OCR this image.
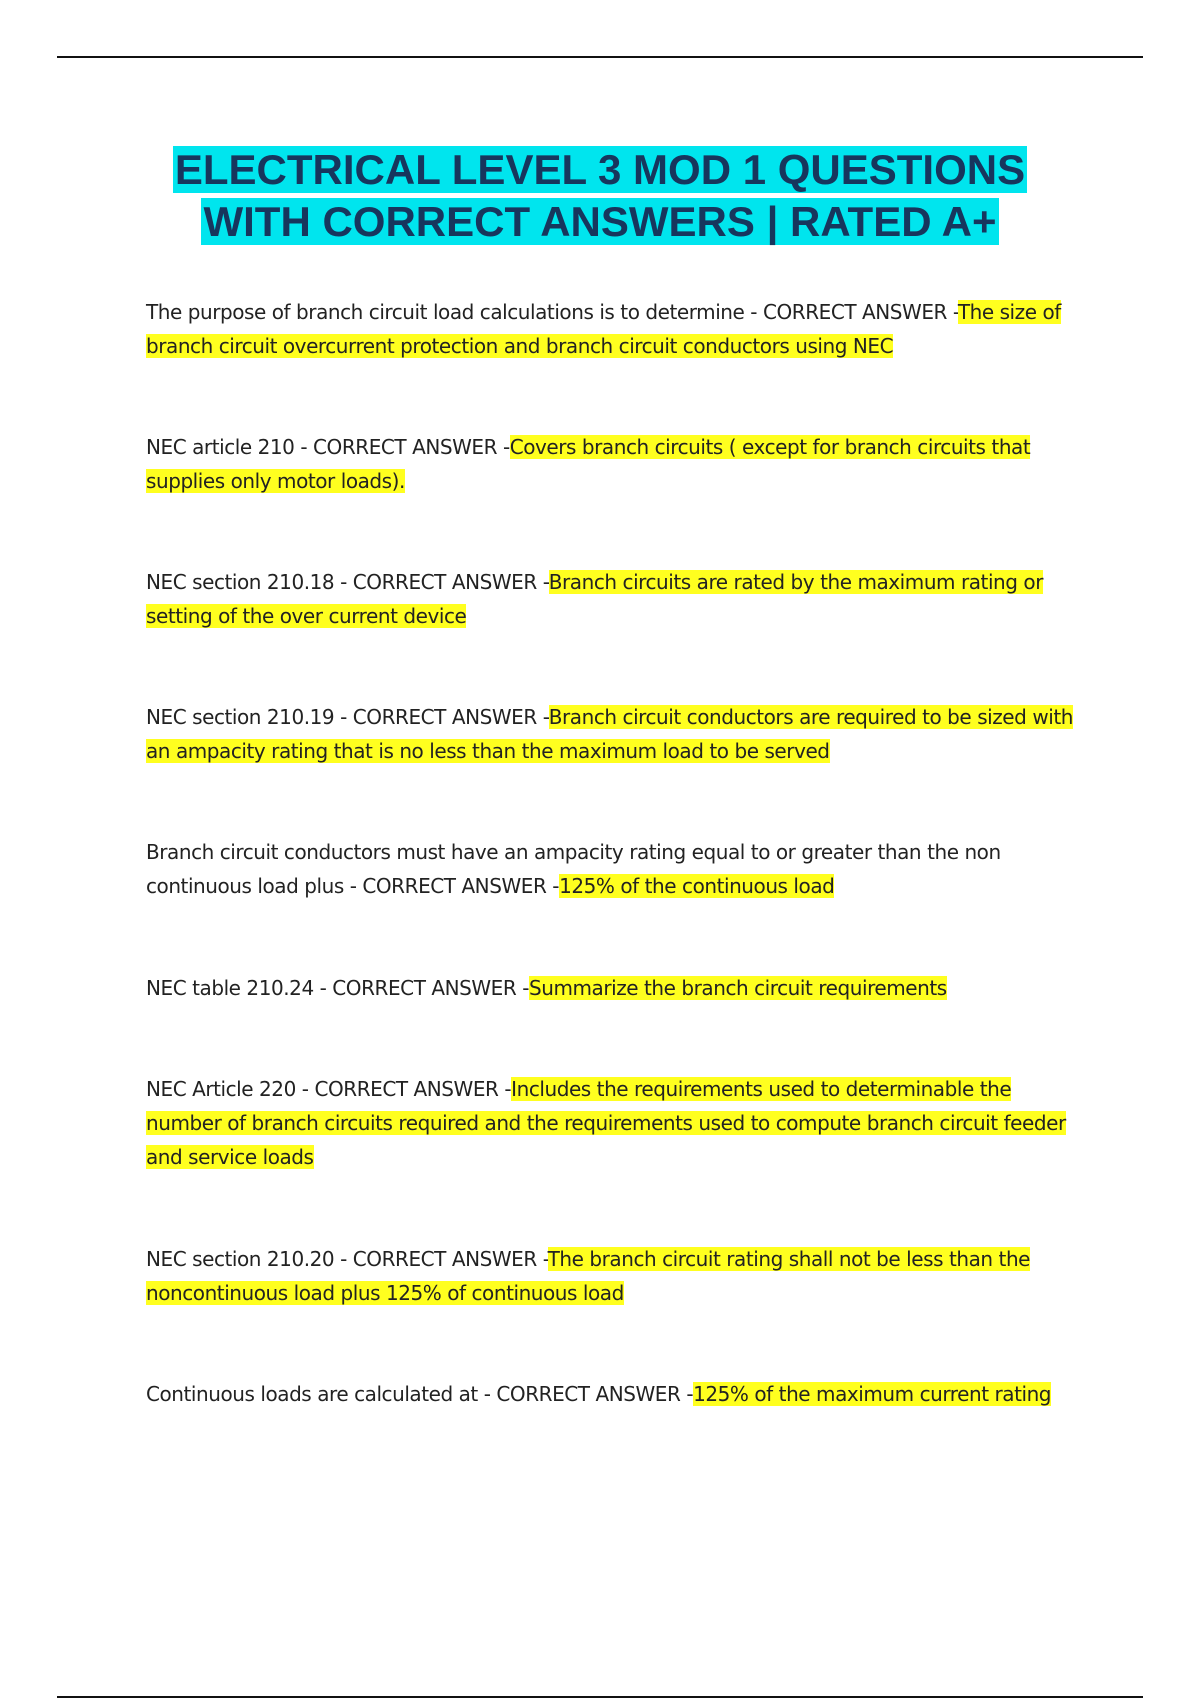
ELECTRICAL LEVEL 3 MOD 1 QUESTIONS
WITH CORRECT ANSWERS | RATED A+
The purpose of branch circuit load calculations is to determine - CORRECT ANSWER -The size of branch circuit overcurrent protection and branch circuit conductors using NEC
NEC article 210 - CORRECT ANSWER -Covers branch circuits ( except for branch circuits that supplies only motor loads).
NEC section 210.18 - CORRECT ANSWER -Branch circuits are rated by the maximum rating or setting of the over current device
NEC section 210.19 - CORRECT ANSWER -Branch circuit conductors are required to be sized with an ampacity rating that is no less than the maximum load to be served
Branch circuit conductors must have an ampacity rating equal to or greater than the non continuous load plus - CORRECT ANSWER -125% of the continuous load
NEC table 210.24 - CORRECT ANSWER -Summarize the branch circuit requirements
NEC Article 220 - CORRECT ANSWER -Includes the requirements used to determinable the number of branch circuits required and the requirements used to compute branch circuit feeder and service loads
NEC section 210.20 - CORRECT ANSWER -The branch circuit rating shall not be less than the noncontinuous load plus 125% of continuous load
Continuous loads are calculated at - CORRECT ANSWER -125% of the maximum current rating
